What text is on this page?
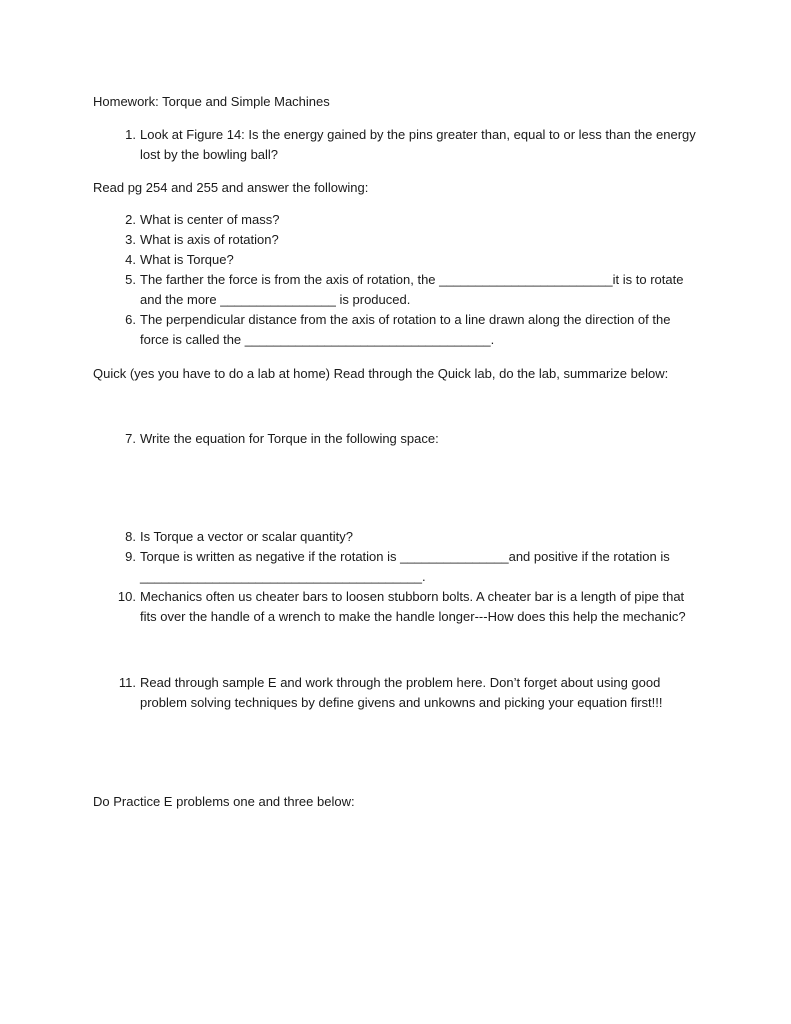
Homework: Torque and Simple Machines
1. Look at Figure 14: Is the energy gained by the pins greater than, equal to or less than the energy
lost by the bowling ball?
Read pg 254 and 255 and answer the following:
2. What is center of mass?
3. What is axis of rotation?
4. What is Torque?
5. The farther the force is from the axis of rotation, the ________________________it is to rotate
and the more ________________ is produced.
6. The perpendicular distance from the axis of rotation to a line drawn along the direction of the
force is called the __________________________________.
Quick (yes you have to do a lab at home) Read through the Quick lab, do the lab, summarize below:
7. Write the equation for Torque in the following space:
8. Is Torque a vector or scalar quantity?
9. Torque is written as negative if the rotation is _______________and positive if the rotation is
_______________________________________.
10. Mechanics often us cheater bars to loosen stubborn bolts. A cheater bar is a length of pipe that
fits over the handle of a wrench to make the handle longer---How does this help the mechanic?
11. Read through sample E and work through the problem here. Don’t forget about using good
problem solving techniques by define givens and unkowns and picking your equation first!!!
Do Practice E problems one and three below:
